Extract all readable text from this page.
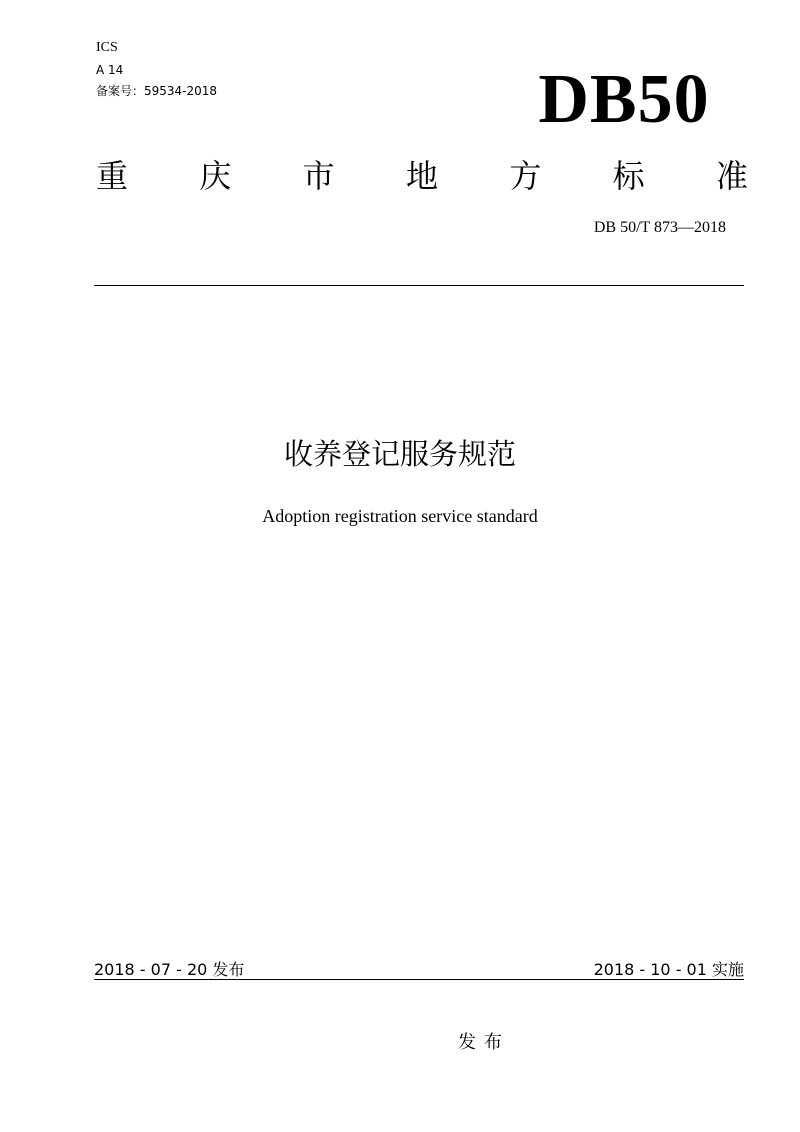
ICS
A 14
备案号：59534-2018	DB50
重 庆 市 地 方 标 准
DB 50/T 873—2018
收养登记服务规范
Adoption registration service standard
2018 - 07 - 20 发布	2018 - 10 - 01 实施
发布
